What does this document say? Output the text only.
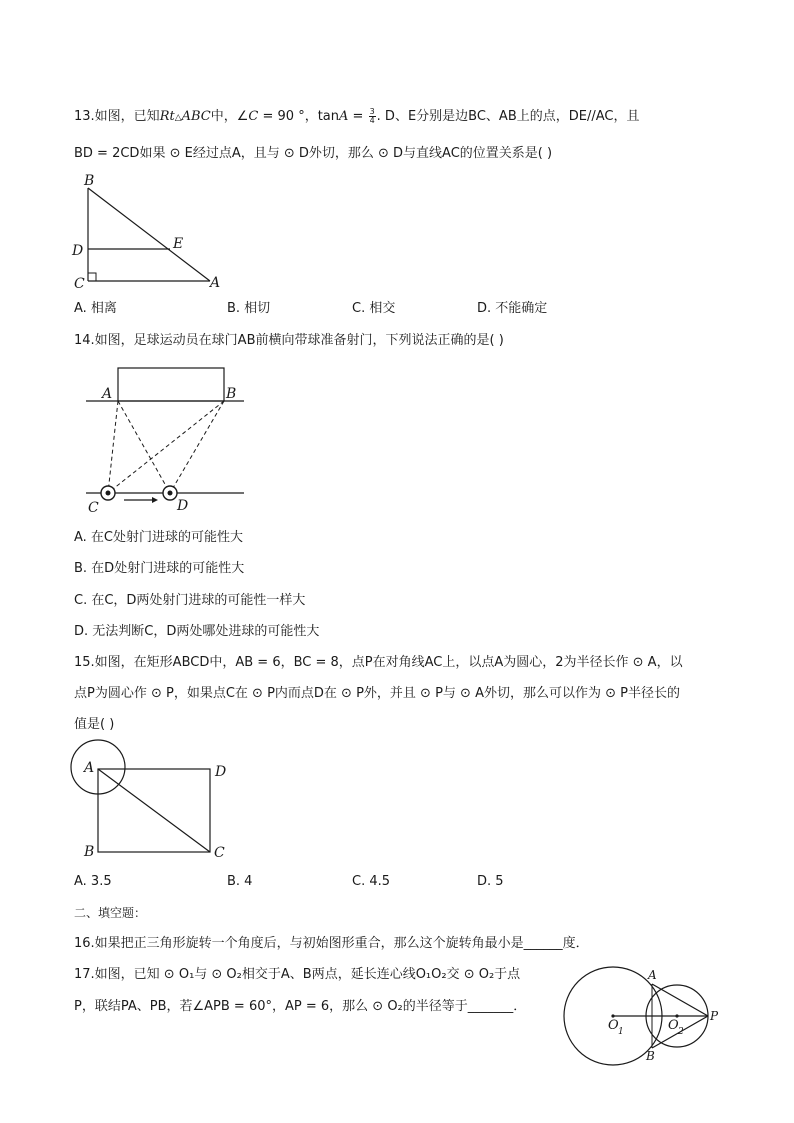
13.如图，已知Rt△ABC中，∠C = 90 °，$\tan A = \frac{3}{4}$ . D、E分别是边BC、AB上的点，DE//AC，且
BD = 2CD如果 ⊙ E经过点A，且与 ⊙ D外切，那么 ⊙ D与直线AC的位置关系是( )
B
D	E
C	A
A. 相离	B. 相切	C. 相交	D. 不能确定
14.如图，足球运动员在球门AB前横向带球准备射门，下列说法正确的是( )
A	B
C	D
A. 在C处射门进球的可能性大
B. 在D处射门进球的可能性大
C. 在C，D两处射门进球的可能性一样大
D. 无法判断C，D两处哪处进球的可能性大
15.如图，在矩形ABCD中，AB = 6，BC = 8，点P在对角线AC上，以点A为圆心，2为半径长作 ⊙ A，以
点P为圆心作 ⊙ P，如果点C在 ⊙ P内而点D在 ⊙ P外，并且 ⊙ P与 ⊙ A外切，那么可以作为 ⊙ P半径长的
值是( )
A	D
B	C
A. 3.5	B. 4	C. 4.5	D. 5
二、填空题：
16.如果把正三角形旋转一个角度后，与初始图形重合，那么这个旋转角最小是______度．
17.如图，已知 ⊙ O₁与 ⊙ O₂相交于A、B两点，延长连心线O₁O₂交 ⊙ O₂于点
P，联结PA、PB，若∠APB = 60°，AP = 6，那么 ⊙ O₂的半径等于_______．
A
B
O 1	O 2
P
